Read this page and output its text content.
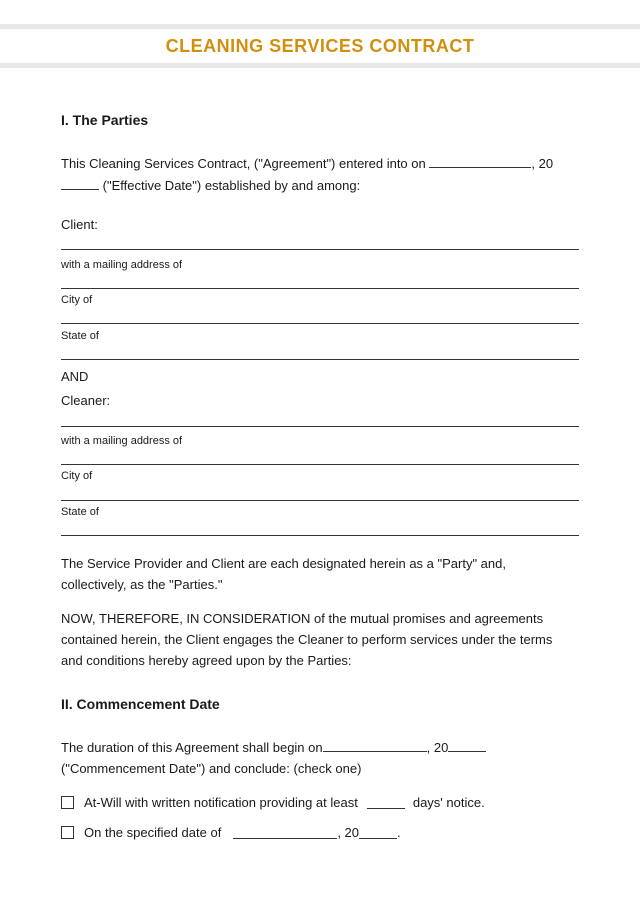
CLEANING SERVICES CONTRACT
I. The Parties
This Cleaning Services Contract, ("Agreement") entered into on	, 20
("Effective Date") established by and among:
Client:
with a mailing address of
City of
State of
AND
Cleaner:
with a mailing address of
City of
State of
The Service Provider and Client are each designated herein as a "Party" and,
collectively, as the "Parties."
NOW, THEREFORE, IN CONSIDERATION of the mutual promises and agreements
contained herein, the Client engages the Cleaner to perform services under the terms
and conditions hereby agreed upon by the Parties:
II. Commencement Date
The duration of this Agreement shall begin on	, 20
("Commencement Date") and conclude: (check one)
At-Will with written notification providing at least	days' notice.
On the specified date of	, 20	.
